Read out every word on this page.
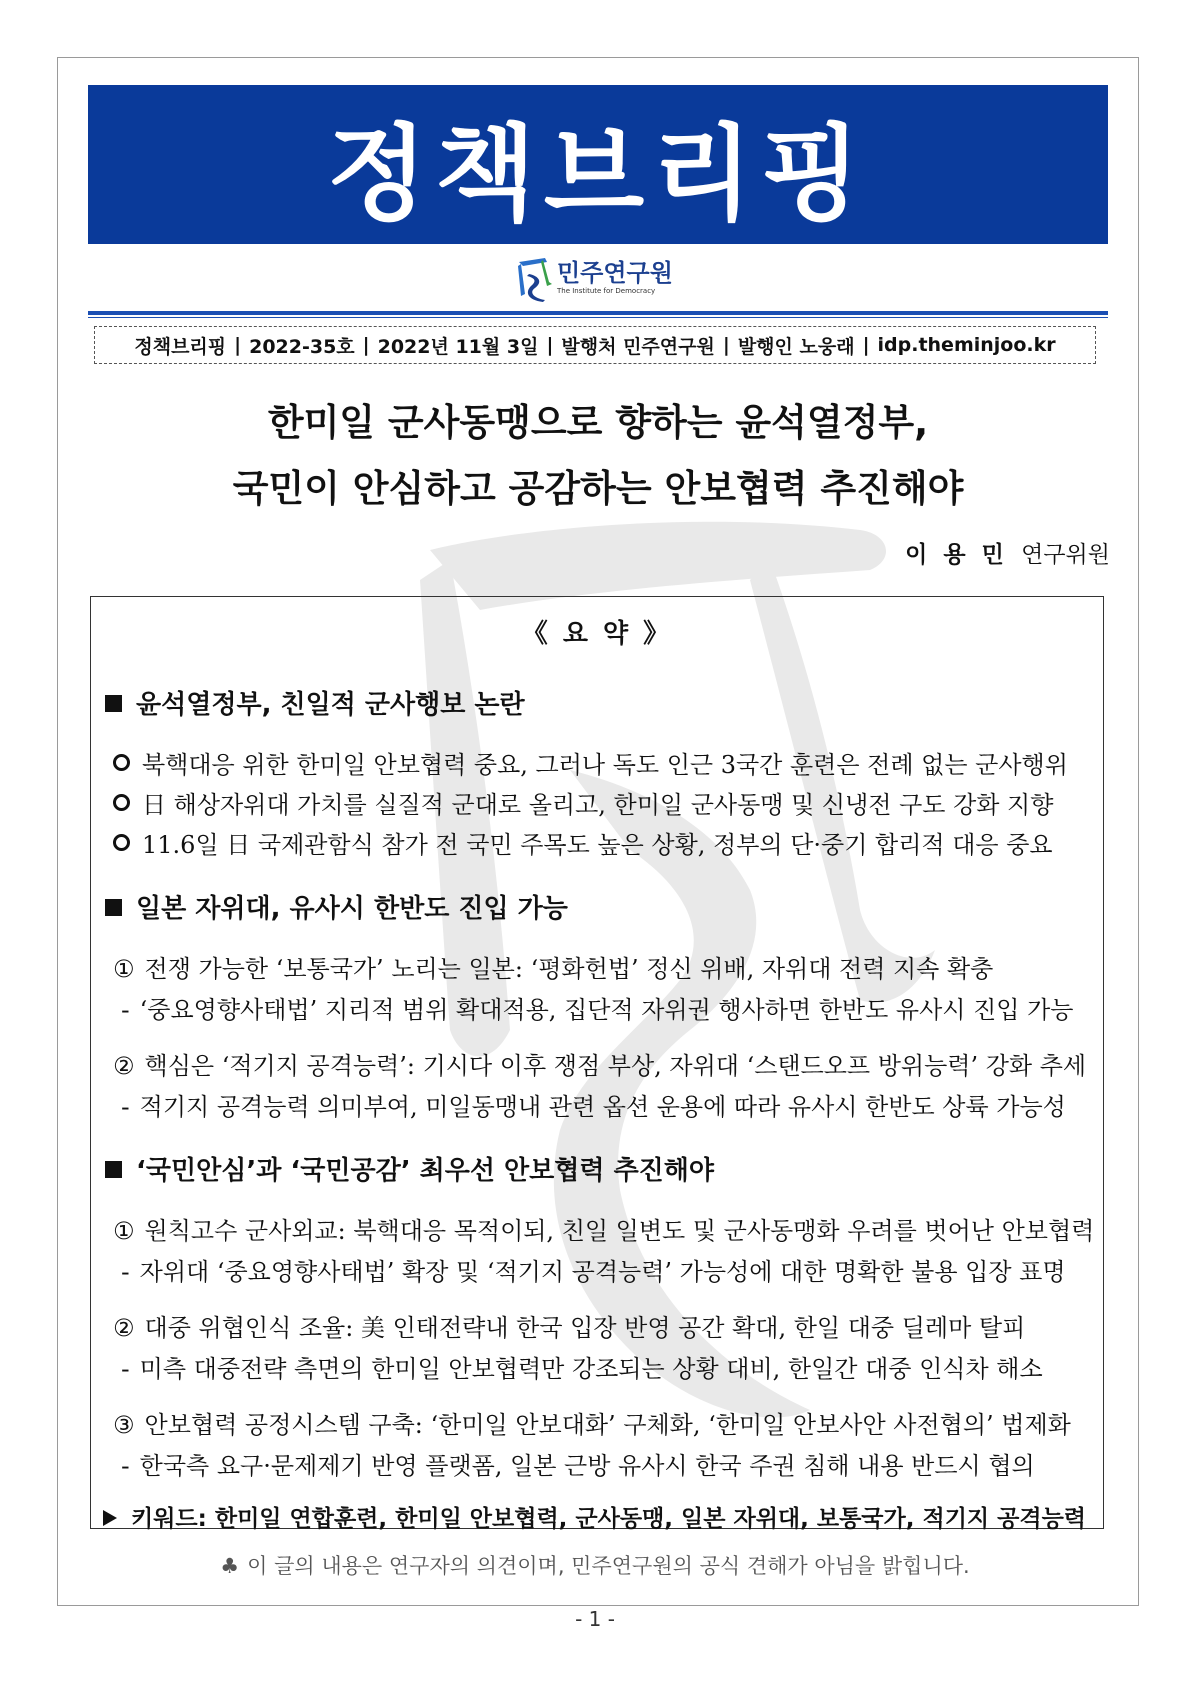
정책브리핑
민주연구원
The Institute for Democracy
정책브리핑 | 2022-35호 | 2022년 11월 3일 | 발행처 민주연구원 | 발행인 노웅래 | idp.theminjoo.kr
한미일 군사동맹으로 향하는 윤석열정부,
국민이 안심하고 공감하는 안보협력 추진해야
이 용 민 연구위원
《 요 약 》
윤석열정부, 친일적 군사행보 논란
북핵대응 위한 한미일 안보협력 중요, 그러나 독도 인근 3국간 훈련은 전례 없는 군사행위
日 해상자위대 가치를 실질적 군대로 올리고, 한미일 군사동맹 및 신냉전 구도 강화 지향
11.6일 日 국제관함식 참가 전 국민 주목도 높은 상황, 정부의 단·중기 합리적 대응 중요
일본 자위대, 유사시 한반도 진입 가능
① 전쟁 가능한 ‘보통국가’ 노리는 일본: ‘평화헌법’ 정신 위배, 자위대 전력 지속 확충
- ‘중요영향사태법’ 지리적 범위 확대적용, 집단적 자위권 행사하면 한반도 유사시 진입 가능
② 핵심은 ‘적기지 공격능력’: 기시다 이후 쟁점 부상, 자위대 ‘스탠드오프 방위능력’ 강화 추세
- 적기지 공격능력 의미부여, 미일동맹내 관련 옵션 운용에 따라 유사시 한반도 상륙 가능성
‘국민안심’과 ‘국민공감’ 최우선 안보협력 추진해야
① 원칙고수 군사외교: 북핵대응 목적이되, 친일 일변도 및 군사동맹화 우려를 벗어난 안보협력
- 자위대 ‘중요영향사태법’ 확장 및 ‘적기지 공격능력’ 가능성에 대한 명확한 불용 입장 표명
② 대중 위협인식 조율: 美 인태전략내 한국 입장 반영 공간 확대, 한일 대중 딜레마 탈피
- 미측 대중전략 측면의 한미일 안보협력만 강조되는 상황 대비, 한일간 대중 인식차 해소
③ 안보협력 공정시스템 구축: ‘한미일 안보대화’ 구체화, ‘한미일 안보사안 사전협의’ 법제화
- 한국측 요구·문제제기 반영 플랫폼, 일본 근방 유사시 한국 주권 침해 내용 반드시 협의
키워드: 한미일 연합훈련, 한미일 안보협력, 군사동맹, 일본 자위대, 보통국가, 적기지 공격능력
♣ 이 글의 내용은 연구자의 의견이며, 민주연구원의 공식 견해가 아님을 밝힙니다.
- 1 -
